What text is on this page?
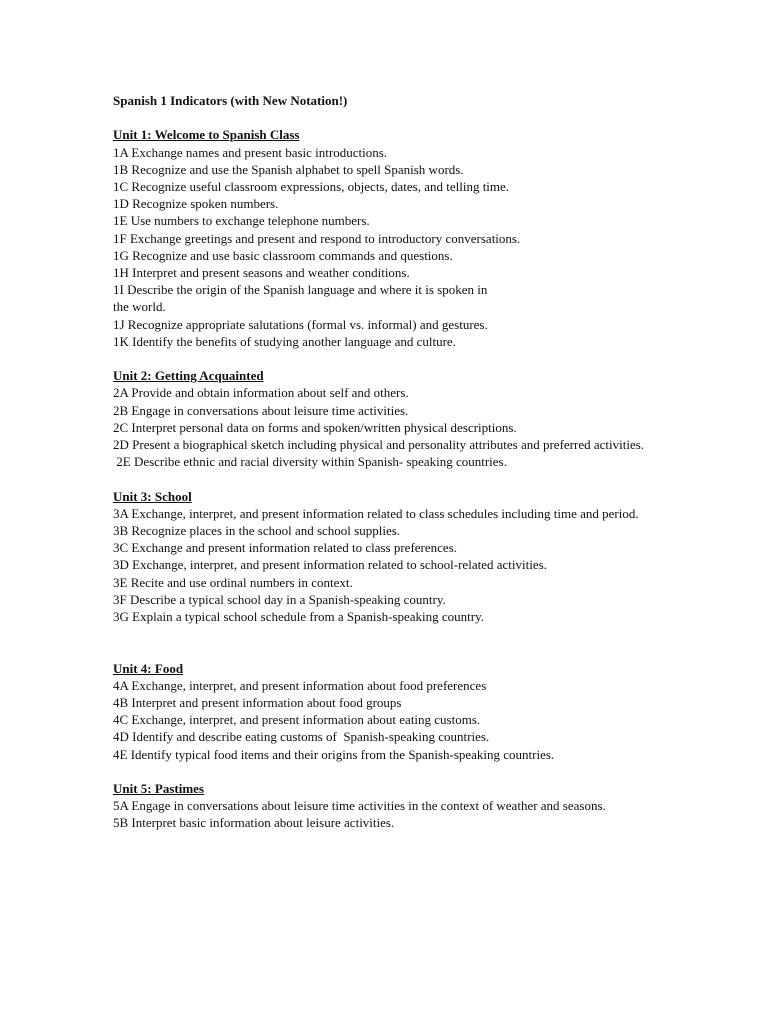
Spanish 1 Indicators (with New Notation!)

Unit 1: Welcome to Spanish Class

1A Exchange names and present basic introductions.

1B Recognize and use the Spanish alphabet to spell Spanish words.

1C Recognize useful classroom expressions, objects, dates, and telling time.

1D Recognize spoken numbers.

1E Use numbers to exchange telephone numbers.

1F Exchange greetings and present and respond to introductory conversations.

1G Recognize and use basic classroom commands and questions.

1H Interpret and present seasons and weather conditions.

1I Describe the origin of the Spanish language and where it is spoken in
the world.

1J Recognize appropriate salutations (formal vs. informal) and gestures.

1K Identify the benefits of studying another language and culture.

Unit 2: Getting Acquainted

2A Provide and obtain information about self and others.

2B Engage in conversations about leisure time activities.

2C Interpret personal data on forms and spoken/written physical descriptions.

2D Present a biographical sketch including physical and personality attributes and preferred activities.

2E Describe ethnic and racial diversity within Spanish- speaking countries.

Unit 3: School

3A Exchange, interpret, and present information related to class schedules including time and period.

3B Recognize places in the school and school supplies.

3C Exchange and present information related to class preferences.

3D Exchange, interpret, and present information related to school-related activities.

3E Recite and use ordinal numbers in context.

3F Describe a typical school day in a Spanish-speaking country.

3G Explain a typical school schedule from a Spanish-speaking country.

Unit 4: Food

4A Exchange, interpret, and present information about food preferences

4B Interpret and present information about food groups

4C Exchange, interpret, and present information about eating customs.

4D Identify and describe eating customs of  Spanish-speaking countries.

4E Identify typical food items and their origins from the Spanish-speaking countries.

Unit 5: Pastimes

5A Engage in conversations about leisure time activities in the context of weather and seasons.

5B Interpret basic information about leisure activities.
